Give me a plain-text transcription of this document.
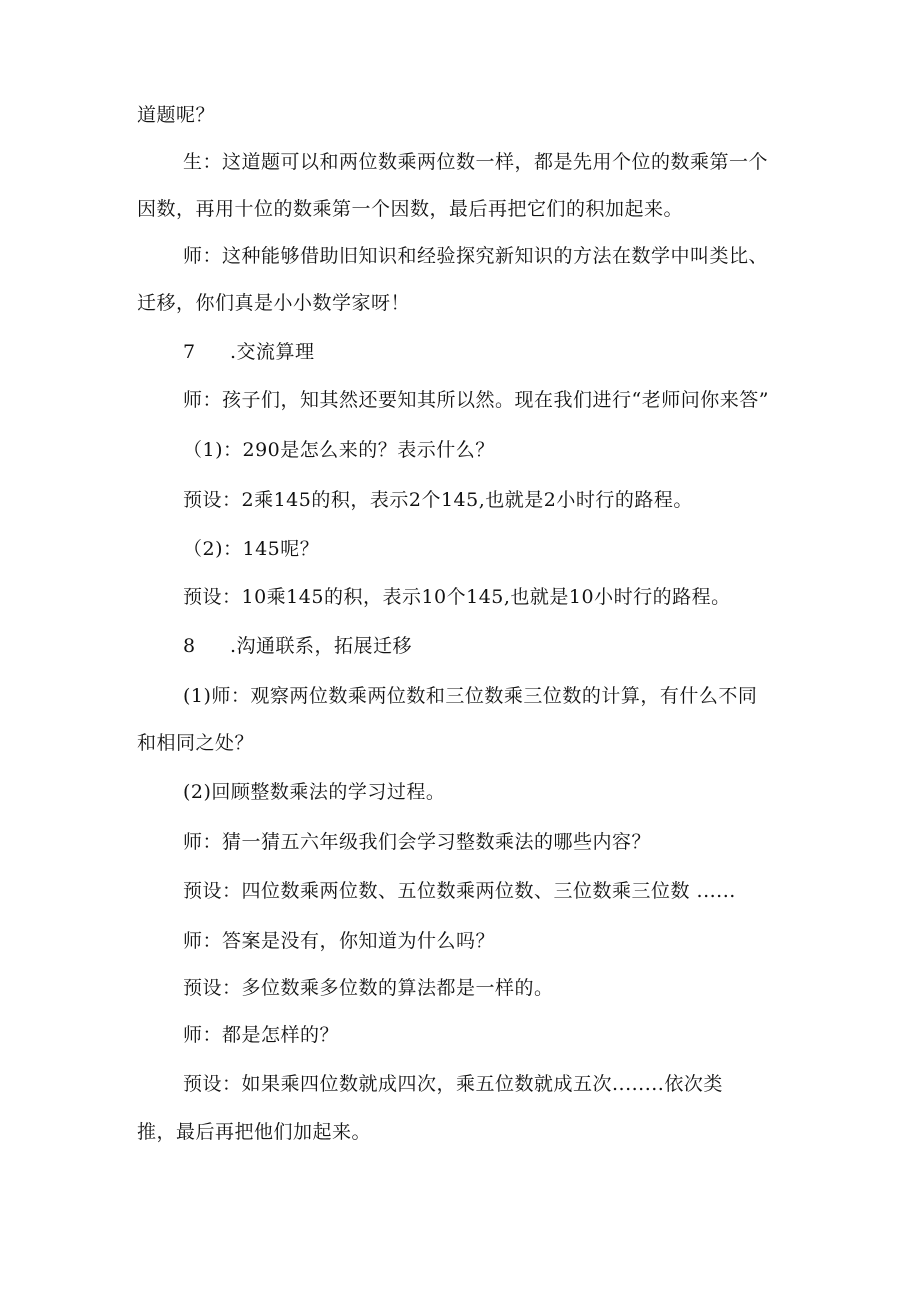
道题呢？
生：这道题可以和两位数乘两位数一样，都是先用个位的数乘第一个
因数，再用十位的数乘第一个因数，最后再把它们的积加起来。
师：这种能够借助旧知识和经验探究新知识的方法在数学中叫类比、
迁移，你们真是小小数学家呀！
7 .交流算理
师：孩子们，知其然还要知其所以然。现在我们进行“老师问你来答”
（1)：290是怎么来的？表示什么？
预设：2乘145的积，表示2个145,也就是2小时行的路程。
（2)：145呢？
预设：10乘145的积，表示10个145,也就是10小时行的路程。
8 .沟通联系，拓展迁移
(1)师：观察两位数乘两位数和三位数乘三位数的计算，有什么不同
和相同之处？
(2)回顾整数乘法的学习过程。
师：猜一猜五六年级我们会学习整数乘法的哪些内容？
预设：四位数乘两位数、五位数乘两位数、三位数乘三位数 ......
师：答案是没有，你知道为什么吗？
预设：多位数乘多位数的算法都是一样的。
师：都是怎样的？
预设：如果乘四位数就成四次，乘五位数就成五次........依次类
推，最后再把他们加起来。
